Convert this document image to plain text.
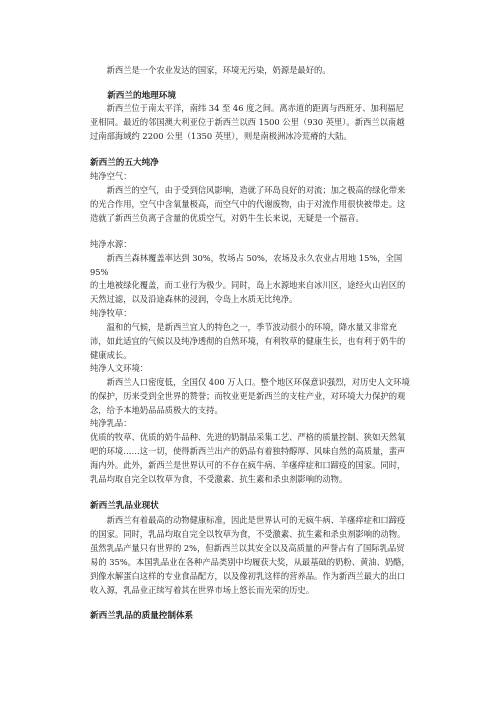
新西兰是一个农业发达的国家，环境无污染，奶源是最好的。

新西兰的地理环境

新西兰位于南太平洋，南纬 34 至 46 度之间。离赤道的距离与西班牙、加利福尼亚相同。最近的邻国澳大利亚位于新西兰以西 1500 公里（930 英里）。新西兰以南越过南部海域约 2200 公里（1350 英里），则是南极洲冰冷荒瘠的大陆。

新西兰的五大纯净

纯净空气：

新西兰的空气，由于受到信风影响，造就了环岛良好的对流；加之极高的绿化带来的光合作用，空气中含氧量极高，而空气中的代谢废物，由于对流作用很快被带走。这造就了新西兰负离子含量的优质空气，对奶牛生长来说，无疑是一个福音。

纯净水源：

新西兰森林覆盖率达到 30%，牧场占 50%，农场及永久农业占用地 15%，全国 95%

的土地被绿化覆盖，而工业行为极少。同时，岛上水源地来自冰川区，途经火山岩区的天然过滤，以及沿途森林的浸润，令岛上水质无比纯净。

纯净牧草：

温和的气候，是新西兰宜人的特色之一，季节波动很小的环境，降水量又非常充沛，如此适宜的气候以及纯净透彻的自然环境，有利牧草的健康生长，也有利于奶牛的健康成长。

纯净人文环境：

新西兰人口密度低，全国仅 400 万人口。整个地区环保意识强烈，对历史人文环境的保护，历来受到全世界的赞誉；而牧业更是新西兰的支柱产业，对环境大力保护的观念，给予本地奶品品质极大的支持。

纯净乳品：

优质的牧草、优质的奶牛品种、先进的奶制品采集工艺、严格的质量控制、狭如天然氧吧的环境……这一切，使得新西兰出产的奶品有着独特醇厚、风味自然的高质量，蜚声海内外。此外，新西兰是世界认可的不存在疯牛病、羊瘙痒症和口蹄疫的国家。同时，乳品均取自完全以牧草为食，不受激素、抗生素和杀虫剂影响的动物。

新西兰乳品业现状

新西兰有着最高的动物健康标准，因此是世界认可的无疯牛病、羊瘙痒症和口蹄疫的国家。同时，乳品均取自完全以牧草为食，不受激素、抗生素和杀虫剂影响的动物。虽然乳品产量只有世界的 2%，但新西兰以其安全以及高质量的声誉占有了国际乳品贸易的 35%。本国乳品业在各种产品类别中均履获大奖，从最基础的奶粉、黄油、奶酪，到像水解蛋白这样的专业食品配方，以及像初乳这样的营养品。作为新西兰最大的出口收入源，乳品业正续写着其在世界市场上悠长而光荣的历史。

新西兰乳品的质量控制体系
